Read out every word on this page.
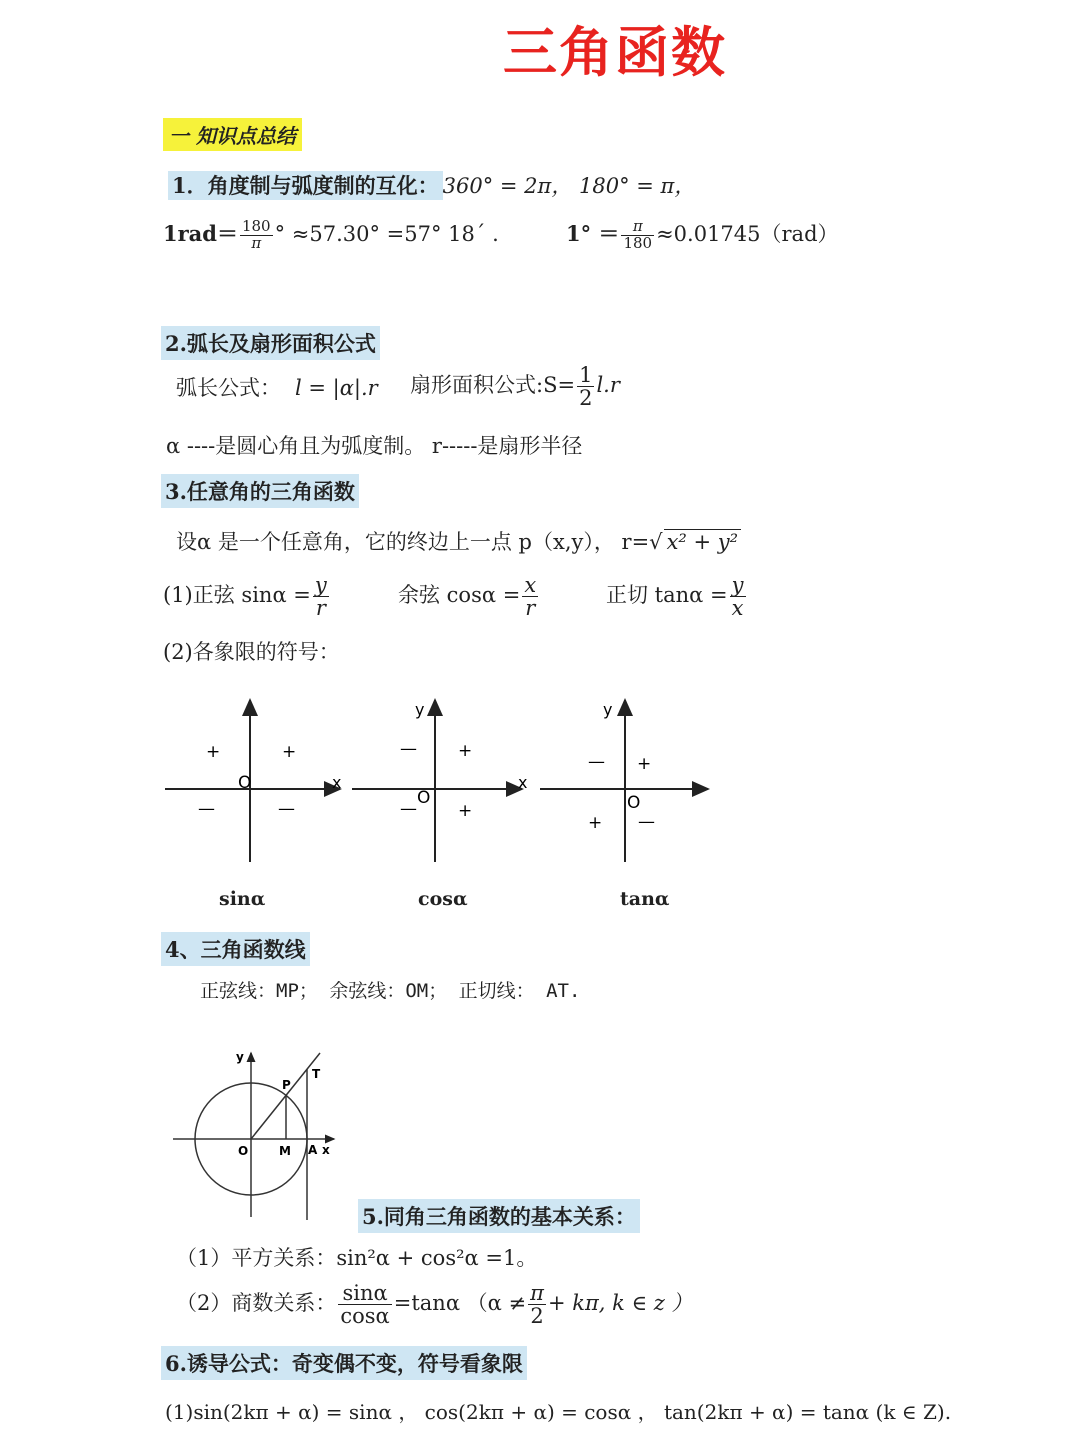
三角函数
一 知识点总结
1．角度制与弧度制的互化： 360° = 2π， 180° = π，
$1rad= \frac{180}{\pi}$ ° ≈57.30° =57° 18´ .	$1^\circ = \frac{\pi}{180} \approx 0.01745(rad)$
2.弧长及扇形面积公式
弧长公式： l = |α|.r 扇形面积公式:S= $\frac{1}{2} l.r$
α ----是圆心角且为弧度制。 r-----是扇形半径
3.任意角的三角函数
设α 是一个任意角，它的终边上一点 p（x,y）， r=√ x² + y²
(1)正弦 $\sin\alpha = \frac{y}{r}$	余弦 $\cos\alpha = \frac{x}{r}$	正切 $\tan\alpha = \frac{y}{x}$
(2)各象限的符号：
x
O
+	+
—	—
y
x
O
— +
— +
y
O
— +
+ —
sinα	cosα	tanα
4、三角函数线
正弦线：MP； 余弦线：OM； 正切线： AT.
y
P
T
O	M A x
5.同角三角函数的基本关系：
（1）平方关系：sin²α + cos²α =1。
（2）商数关系： $\frac{\sin\alpha}{\cos\alpha} =\tan\alpha$ （$\alpha \ne \frac{\pi}{2} + k\pi$, k ∈ z ）
6.诱导公式：奇变偶不变，符号看象限
(1)sin(2kπ + α) = sinα ， cos(2kπ + α) = cosα ， tan(2kπ + α) = tanα (k ∈ Z).
